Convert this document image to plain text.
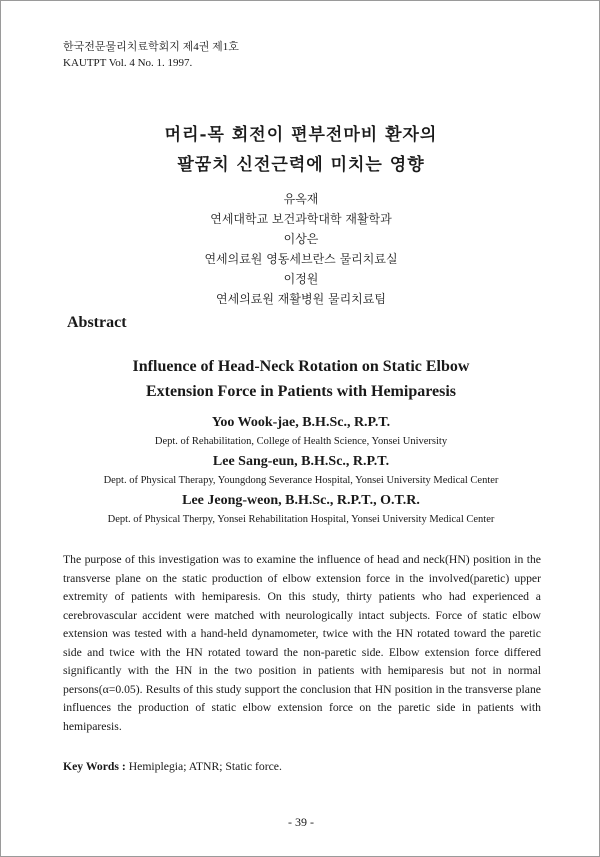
한국전문물리치료학회지 제4권 제1호
KAUTPT Vol. 4 No. 1. 1997.
머리-목 회전이 편부전마비 환자의
팔꿈치 신전근력에 미치는 영향
유옥재
연세대학교 보건과학대학 재활학과
이상은
연세의료원 영동세브란스 물리치료실
이정원
연세의료원 재활병원 물리치료팀
Abstract
Influence of Head-Neck Rotation on Static Elbow
Extension Force in Patients with Hemiparesis
Yoo Wook-jae, B.H.Sc., R.P.T.
Dept. of Rehabilitation, College of Health Science, Yonsei University
Lee Sang-eun, B.H.Sc., R.P.T.
Dept. of Physical Therapy, Youngdong Severance Hospital, Yonsei University Medical Center
Lee Jeong-weon, B.H.Sc., R.P.T., O.T.R.
Dept. of Physical Therpy, Yonsei Rehabilitation Hospital, Yonsei University Medical Center

The purpose of this investigation was to examine the influence of head and neck(HN) position in the transverse plane on the static production of elbow extension force in the involved(paretic) upper extremity of patients with hemiparesis. On this study, thirty patients who had experienced a cerebrovascular accident were matched with neurologically intact subjects. Force of static elbow extension was tested with a hand-held dynamometer, twice with the HN rotated toward the paretic side and twice with the HN rotated toward the non-paretic side. Elbow extension force differed significantly with the HN in the two position in patients with hemiparesis but not in normal persons(α=0.05). Results of this study support the conclusion that HN position in the transverse plane influences the production of static elbow extension force on the paretic side in patients with hemiparesis.

Key Words : Hemiplegia; ATNR; Static force.
- 39 -
